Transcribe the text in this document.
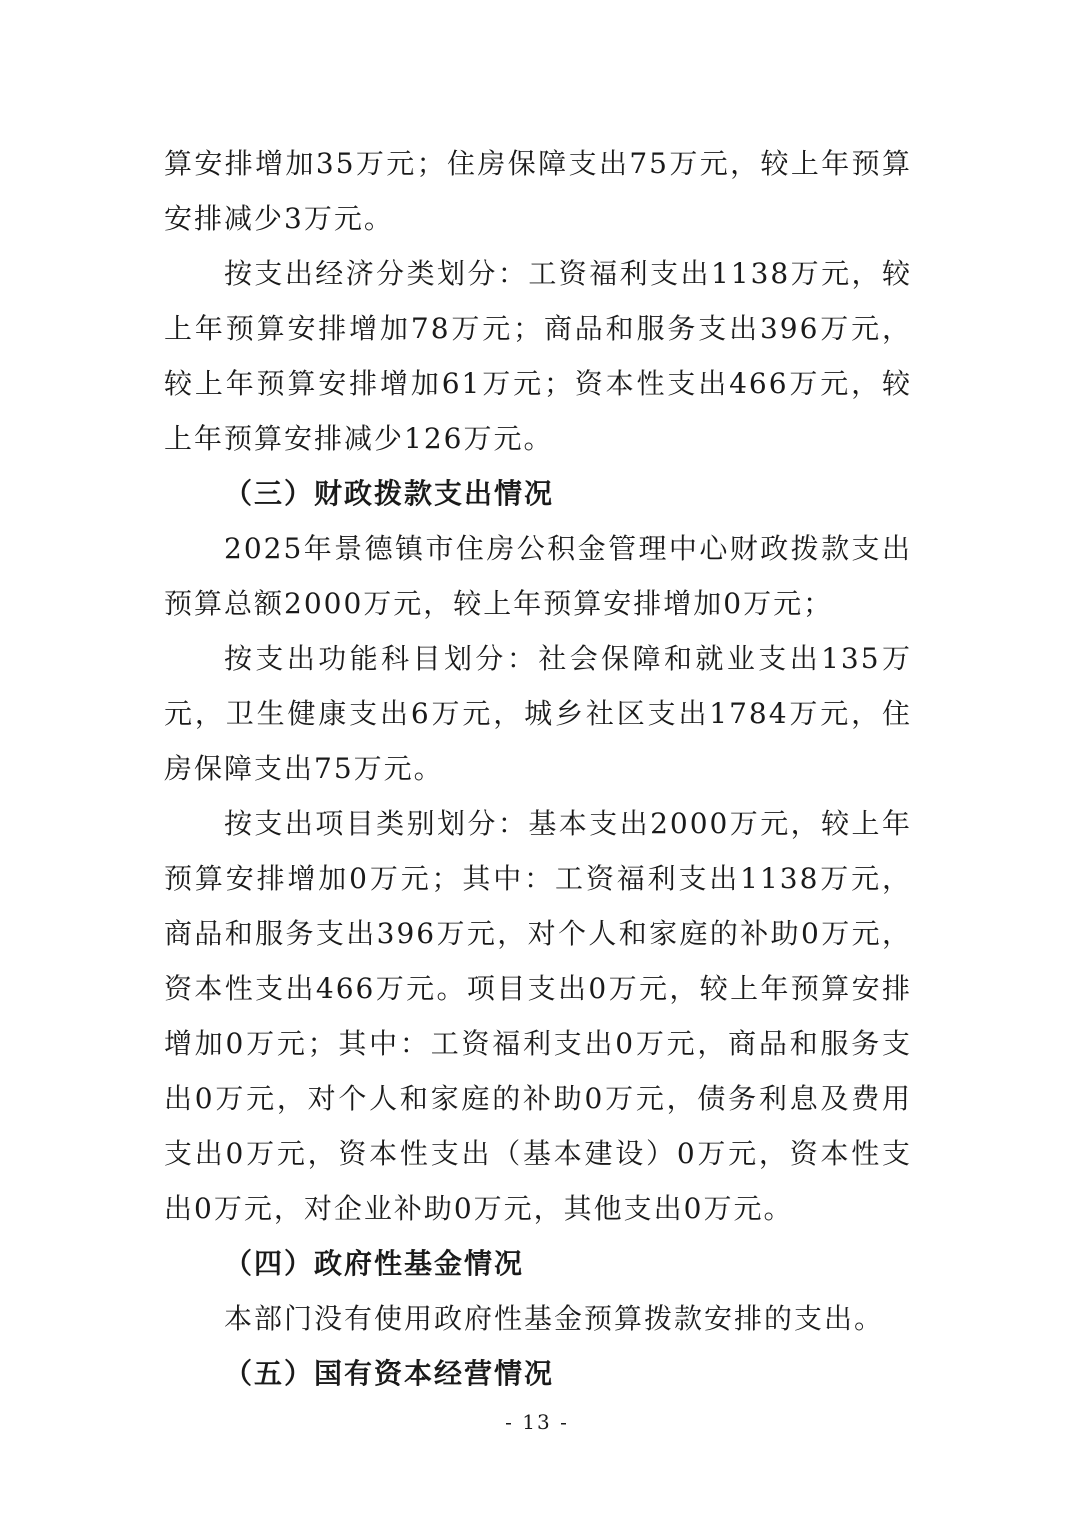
算安排增加35万元；住房保障支出75万元，较上年预算安排减少3万元。

按支出经济分类划分：工资福利支出1138万元，较上年预算安排增加78万元；商品和服务支出396万元，较上年预算安排增加61万元；资本性支出466万元，较上年预算安排减少126万元。

（三）财政拨款支出情况

2025年景德镇市住房公积金管理中心财政拨款支出预算总额2000万元，较上年预算安排增加0万元；

按支出功能科目划分：社会保障和就业支出135万元，卫生健康支出6万元，城乡社区支出1784万元，住房保障支出75万元。

按支出项目类别划分：基本支出2000万元，较上年预算安排增加0万元；其中：工资福利支出1138万元，商品和服务支出396万元，对个人和家庭的补助0万元，资本性支出466万元。项目支出0万元，较上年预算安排增加0万元；其中：工资福利支出0万元，商品和服务支出0万元，对个人和家庭的补助0万元，债务利息及费用支出0万元，资本性支出（基本建设）0万元，资本性支出0万元，对企业补助0万元，其他支出0万元。

（四）政府性基金情况

本部门没有使用政府性基金预算拨款安排的支出。

（五）国有资本经营情况

- 13 -
